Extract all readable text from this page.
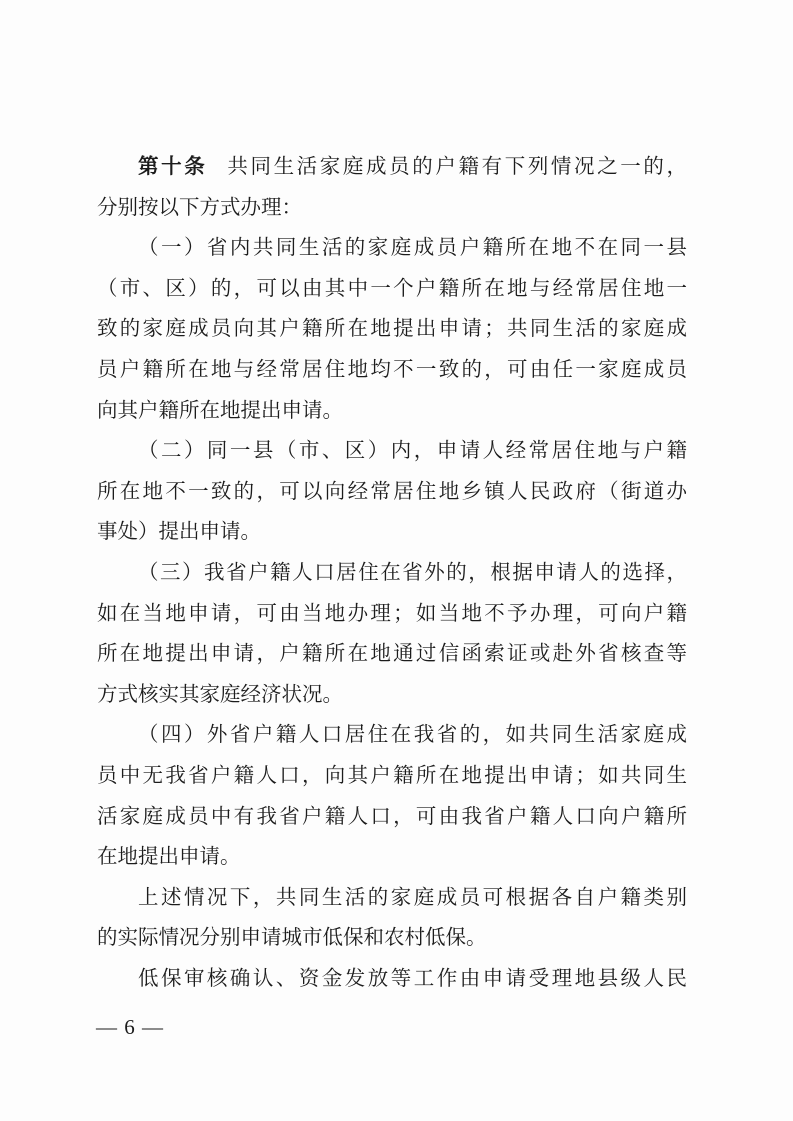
第十条 共同生活家庭成员的户籍有下列情况之一的，
分别按以下方式办理：
（一）省内共同生活的家庭成员户籍所在地不在同一县
（市、区）的，可以由其中一个户籍所在地与经常居住地一
致的家庭成员向其户籍所在地提出申请；共同生活的家庭成
员户籍所在地与经常居住地均不一致的，可由任一家庭成员
向其户籍所在地提出申请。
（二）同一县（市、区）内，申请人经常居住地与户籍
所在地不一致的，可以向经常居住地乡镇人民政府（街道办
事处）提出申请。
（三）我省户籍人口居住在省外的，根据申请人的选择，
如在当地申请，可由当地办理；如当地不予办理，可向户籍
所在地提出申请，户籍所在地通过信函索证或赴外省核查等
方式核实其家庭经济状况。
（四）外省户籍人口居住在我省的，如共同生活家庭成
员中无我省户籍人口，向其户籍所在地提出申请；如共同生
活家庭成员中有我省户籍人口，可由我省户籍人口向户籍所
在地提出申请。
上述情况下，共同生活的家庭成员可根据各自户籍类别
的实际情况分别申请城市低保和农村低保。
低保审核确认、资金发放等工作由申请受理地县级人民
— 6 —
